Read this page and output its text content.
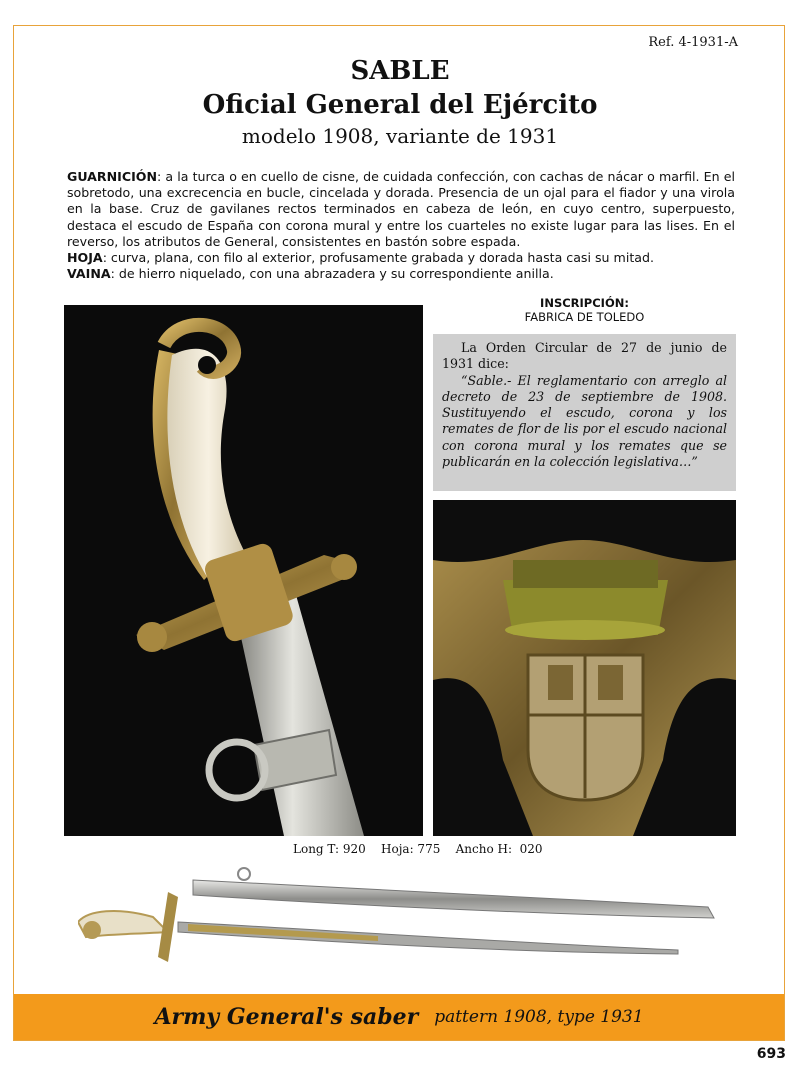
Ref. 4-1931-A
SABLE
Oficial General del Ejército
modelo 1908, variante de 1931

GUARNICIÓN: a la turca o en cuello de cisne, de cuidada confección, con cachas de nácar o marfil. En el sobretodo, una excrecencia en bucle, cincelada y dorada. Presencia de un ojal para el fiador y una virola en la base. Cruz de gavilanes rectos terminados en cabeza de león, en cuyo centro, superpuesto, destaca el escudo de España con corona mural y entre los cuarteles no existe lugar para las lises. En el reverso, los atributos de General, consistentes en bastón sobre espada.

HOJA: curva, plana, con filo al exterior, profusamente grabada y dorada hasta casi su mitad.

VAINA: de hierro niquelado, con una abrazadera y su correspondiente anilla.

INSCRIPCIÓN:
FABRICA DE TOLEDO
La Orden Circular de 27 de junio de 1931 dice:
“Sable.- El reglamentario con arreglo al decreto de 23 de septiembre de 1908. Sustituyendo el escudo, corona y los remates de flor de lis por el escudo nacional con corona mural y los remates que se publicarán en la colección legislativa…”
Long T: 920    Hoja: 775    Ancho H:  020
Army General's saber pattern 1908, type 1931
693
